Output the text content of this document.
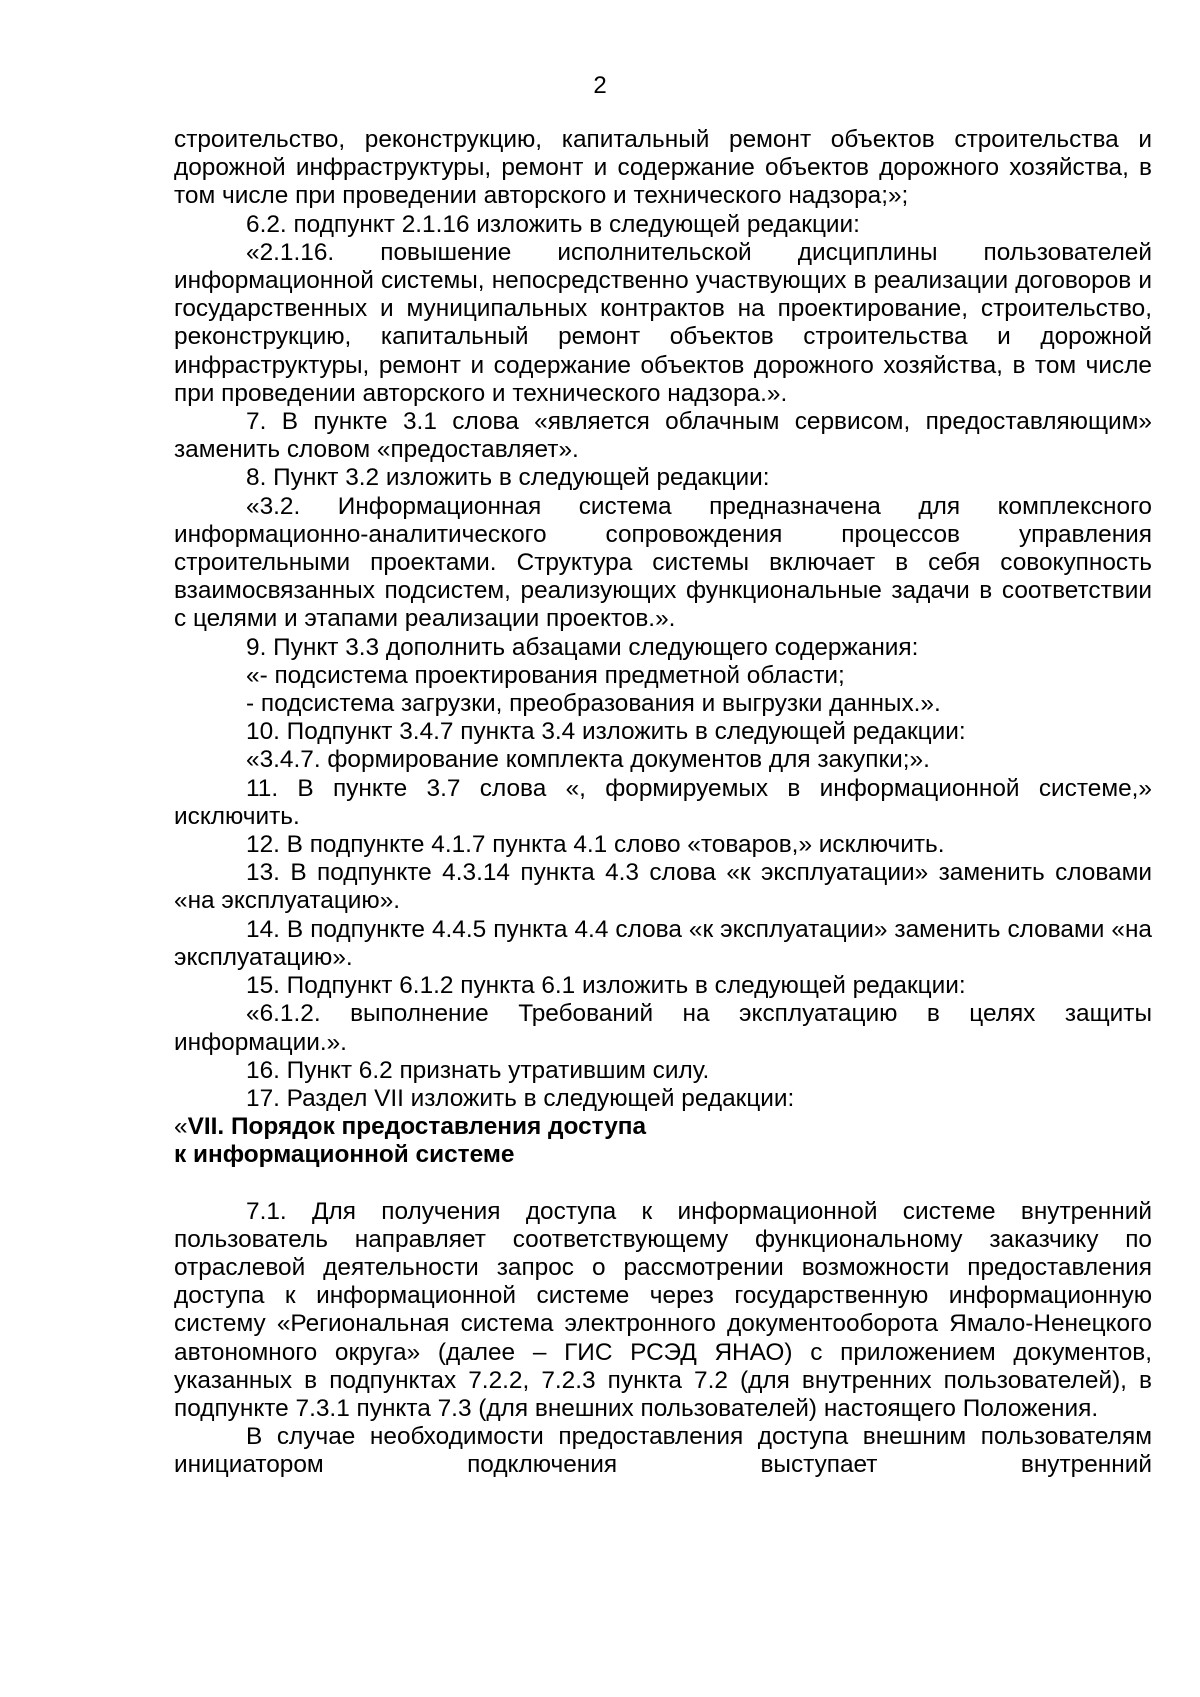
2

строительство, реконструкцию, капитальный ремонт объектов строительства и дорожной инфраструктуры, ремонт и содержание объектов дорожного хозяйства, в том числе при проведении авторского и технического надзора;»;

6.2. подпункт 2.1.16 изложить в следующей редакции:

«2.1.16. повышение исполнительской дисциплины пользователей информационной системы, непосредственно участвующих в реализации договоров и государственных и муниципальных контрактов на проектирование, строительство, реконструкцию, капитальный ремонт объектов строительства и дорожной инфраструктуры, ремонт и содержание объектов дорожного хозяйства, в том числе при проведении авторского и технического надзора.».

7. В пункте 3.1 слова «является облачным сервисом, предоставляющим» заменить словом «предоставляет».

8. Пункт 3.2 изложить в следующей редакции:

«3.2. Информационная система предназначена для комплексного информационно-аналитического сопровождения процессов управления строительными проектами. Структура системы включает в себя совокупность взаимосвязанных подсистем, реализующих функциональные задачи в соответствии с целями и этапами реализации проектов.».

9. Пункт 3.3 дополнить абзацами следующего содержания:

«- подсистема проектирования предметной области;

- подсистема загрузки, преобразования и выгрузки данных.».

10. Подпункт 3.4.7 пункта 3.4 изложить в следующей редакции:

«3.4.7. формирование комплекта документов для закупки;».

11. В пункте 3.7 слова «, формируемых в информационной системе,» исключить.

12. В подпункте 4.1.7 пункта 4.1 слово «товаров,» исключить.

13. В подпункте 4.3.14 пункта 4.3 слова «к эксплуатации» заменить словами «на эксплуатацию».

14. В подпункте 4.4.5 пункта 4.4 слова «к эксплуатации» заменить словами «на эксплуатацию».

15. Подпункт 6.1.2 пункта 6.1 изложить в следующей редакции:

«6.1.2. выполнение Требований на эксплуатацию в целях защиты информации.».

16. Пункт 6.2 признать утратившим силу.

17. Раздел VII изложить в следующей редакции:

«VII. Порядок предоставления доступа

к информационной системе

7.1. Для получения доступа к информационной системе внутренний пользователь направляет соответствующему функциональному заказчику по отраслевой деятельности запрос о рассмотрении возможности предоставления доступа к информационной системе через государственную информационную систему «Региональная система электронного документооборота Ямало-Ненецкого автономного округа» (далее – ГИС РСЭД ЯНАО) с приложением документов, указанных в подпунктах 7.2.2, 7.2.3 пункта 7.2 (для внутренних пользователей), в подпункте 7.3.1 пункта 7.3 (для внешних пользователей) настоящего Положения.

В случае необходимости предоставления доступа внешним пользователям инициатором подключения выступает внутренний
